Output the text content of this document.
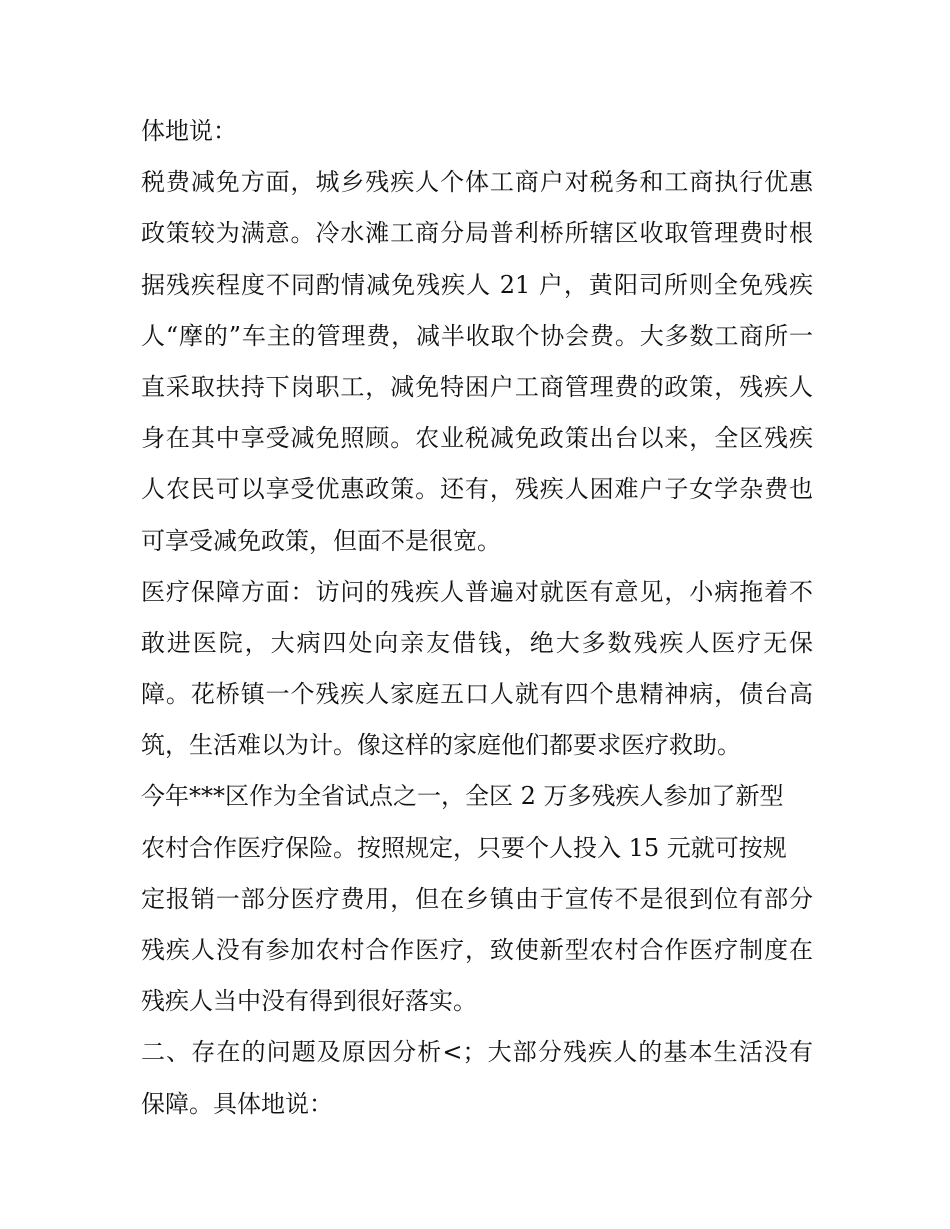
体地说：
税费减免方面，城乡残疾人个体工商户对税务和工商执行优惠
政策较为满意。冷水滩工商分局普利桥所辖区收取管理费时根
据残疾程度不同酌情减免残疾人 21 户，黄阳司所则全免残疾
人“摩的”车主的管理费，减半收取个协会费。大多数工商所一
直采取扶持下岗职工，减免特困户工商管理费的政策，残疾人
身在其中享受减免照顾。农业税减免政策出台以来，全区残疾
人农民可以享受优惠政策。还有，残疾人困难户子女学杂费也
可享受减免政策，但面不是很宽。
医疗保障方面：访问的残疾人普遍对就医有意见，小病拖着不
敢进医院，大病四处向亲友借钱，绝大多数残疾人医疗无保
障。花桥镇一个残疾人家庭五口人就有四个患精神病，债台高
筑，生活难以为计。像这样的家庭他们都要求医疗救助。
今年***区作为全省试点之一，全区 2 万多残疾人参加了新型
农村合作医疗保险。按照规定，只要个人投入 15 元就可按规
定报销一部分医疗费用，但在乡镇由于宣传不是很到位有部分
残疾人没有参加农村合作医疗，致使新型农村合作医疗制度在
残疾人当中没有得到很好落实。
二、存在的问题及原因分析<；大部分残疾人的基本生活没有
保障。具体地说：
